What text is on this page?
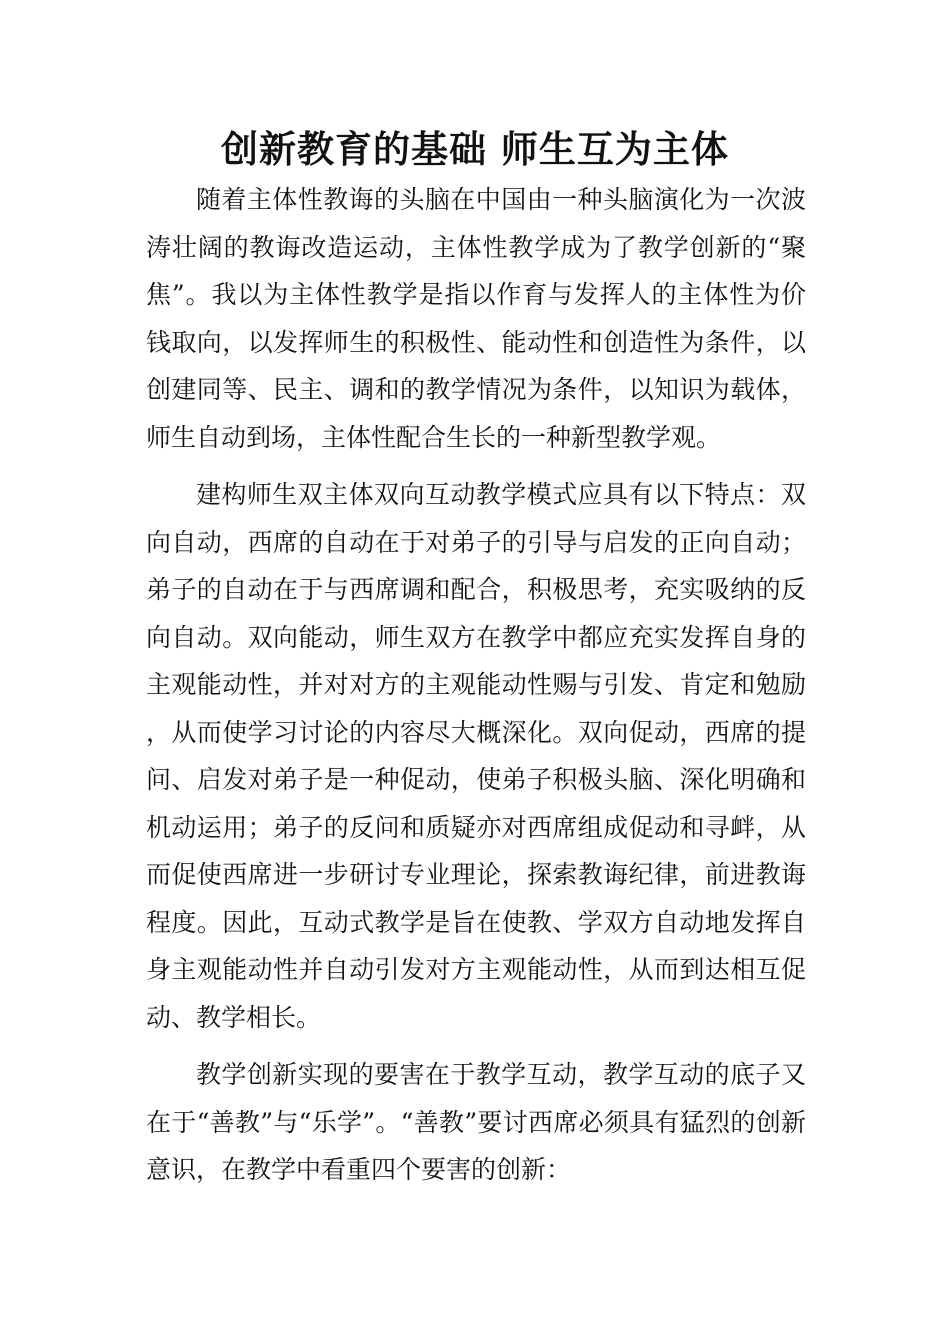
创新教育的基础 师生互为主体

随着主体性教诲的头脑在中国由一种头脑演化为一次波涛壮阔的教诲改造运动，主体性教学成为了教学创新的“聚焦”。我以为主体性教学是指以作育与发挥人的主体性为价钱取向，以发挥师生的积极性、能动性和创造性为条件，以创建同等、民主、调和的教学情况为条件，以知识为载体，师生自动到场，主体性配合生长的一种新型教学观。

建构师生双主体双向互动教学模式应具有以下特点：双向自动，西席的自动在于对弟子的引导与启发的正向自动；弟子的自动在于与西席调和配合，积极思考，充实吸纳的反向自动。双向能动，师生双方在教学中都应充实发挥自身的主观能动性，并对对方的主观能动性赐与引发、肯定和勉励，从而使学习讨论的内容尽大概深化。双向促动，西席的提问、启发对弟子是一种促动，使弟子积极头脑、深化明确和机动运用；弟子的反问和质疑亦对西席组成促动和寻衅，从而促使西席进一步研讨专业理论，探索教诲纪律，前进教诲程度。因此，互动式教学是旨在使教、学双方自动地发挥自身主观能动性并自动引发对方主观能动性，从而到达相互促动、教学相长。

教学创新实现的要害在于教学互动，教学互动的底子又在于“善教”与“乐学”。“善教”要讨西席必须具有猛烈的创新意识，在教学中看重四个要害的创新：
